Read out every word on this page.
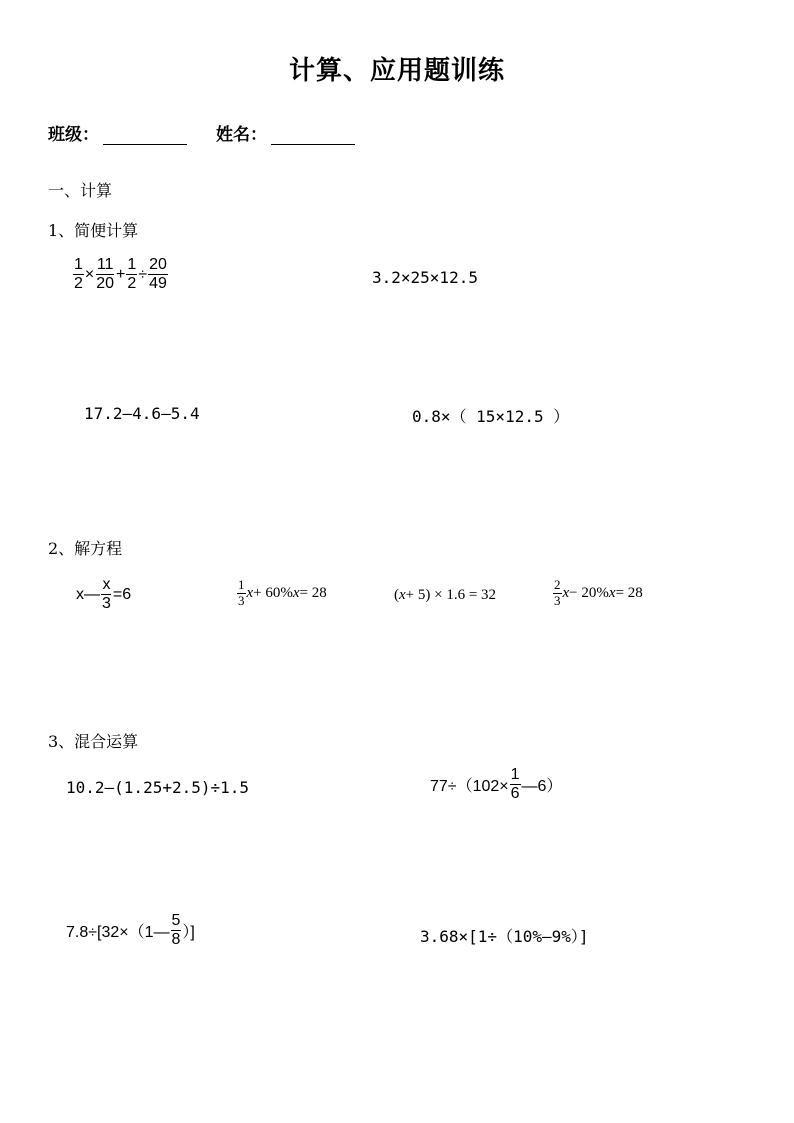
计算、应用题训练
班级：	姓名：
一、计算
1、简便计算
$\frac{1}{2} \times \frac{11}{20} + \frac{1}{2} \div \frac{20}{49}$	3.2×25×12.5
17.2—4.6—5.4	0.8×（ 15×12.5 ）
2、解方程
x— $\frac{x}{3} =6$	$\frac{1}{3}$ x + 60% x = 28	( x + 5) × 1.6 = 32	$\frac{2}{3}$ x − 20% x = 28
3、混合运算
10.2—(1.25+2.5)÷1.5	$77\div(102\times \frac{1}{6}$ —6）
7.8÷[32×（1— $\frac{5}{8}$ ）]	3.68×[1÷（10%—9%）]
